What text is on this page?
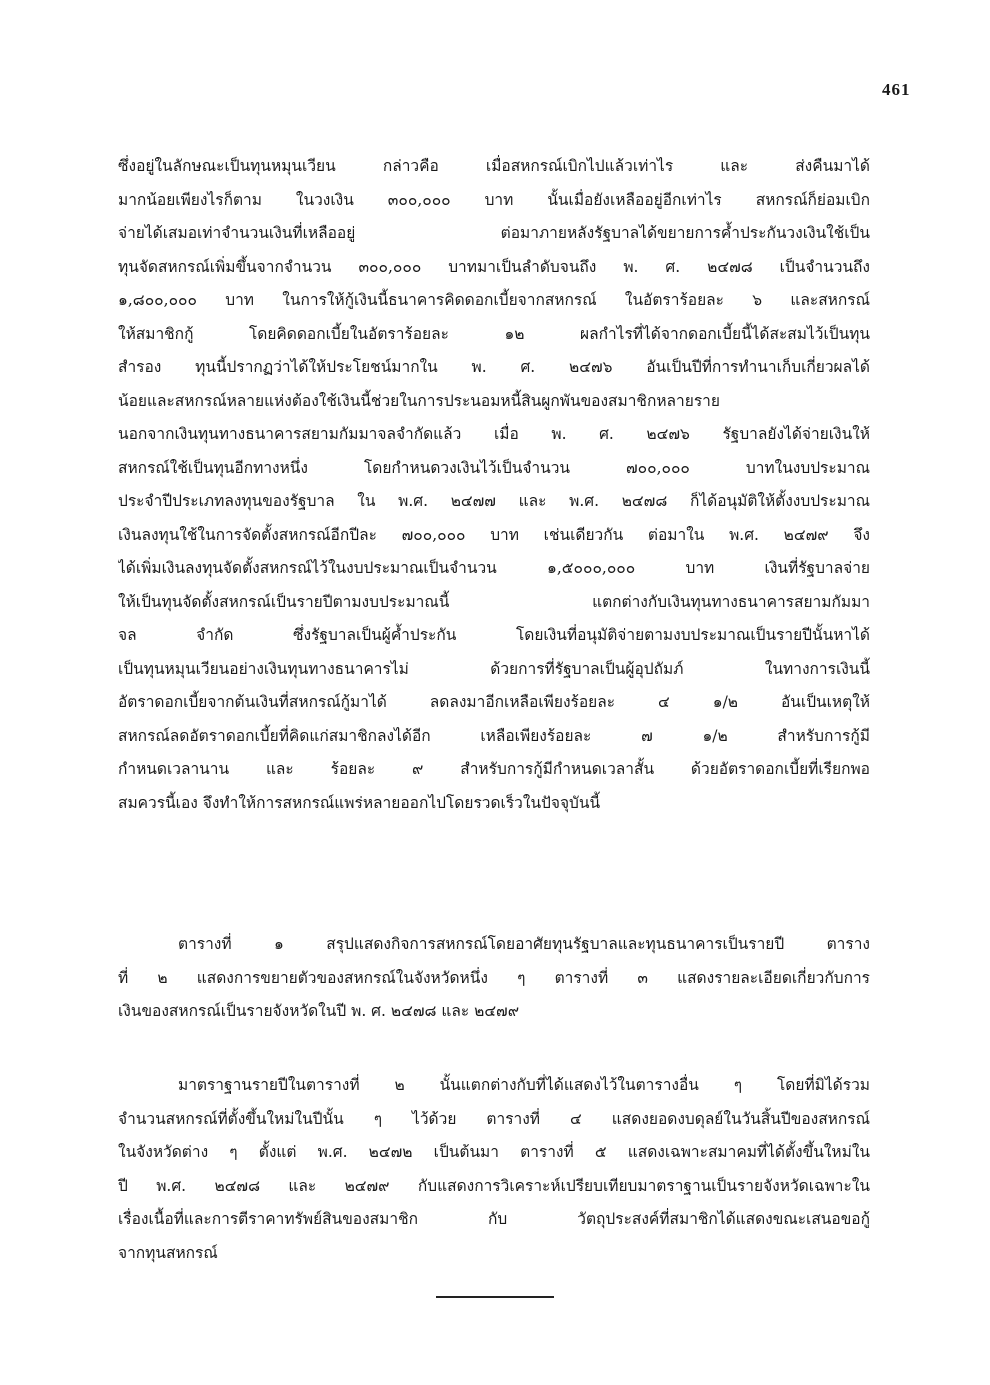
461
ซึ่งอยู่ในลักษณะเป็นทุนหมุนเวียน กล่าวคือ เมื่อสหกรณ์เบิกไปแล้วเท่าไร และ ส่งคืนมาได้
มากน้อยเพียงไรก็ตาม ในวงเงิน ๓๐๐,๐๐๐ บาท นั้นเมื่อยังเหลืออยู่อีกเท่าไร สหกรณ์ก็ย่อมเบิก
จ่ายได้เสมอเท่าจำนวนเงินที่เหลืออยู่ ต่อมาภายหลังรัฐบาลได้ขยายการค้ำประกันวงเงินใช้เป็น
ทุนจัดสหกรณ์เพิ่มขึ้นจากจำนวน ๓๐๐,๐๐๐ บาทมาเป็นลำดับจนถึง พ. ศ. ๒๔๗๘ เป็นจำนวนถึง
๑,๘๐๐,๐๐๐ บาท ในการให้กู้เงินนี้ธนาคารคิดดอกเบี้ยจากสหกรณ์ ในอัตราร้อยละ ๖ และสหกรณ์
ให้สมาชิกกู้ โดยคิดดอกเบี้ยในอัตราร้อยละ ๑๒ ผลกำไรที่ได้จากดอกเบี้ยนี้ได้สะสมไว้เป็นทุน
สำรอง ทุนนี้ปรากฏว่าได้ให้ประโยชน์มากใน พ. ศ. ๒๔๗๖ อันเป็นปีที่การทำนาเก็บเกี่ยวผลได้
น้อยและสหกรณ์หลายแห่งต้องใช้เงินนี้ช่วยในการประนอมหนี้สินผูกพันของสมาชิกหลายราย
นอกจากเงินทุนทางธนาคารสยามกัมมาจลจำกัดแล้ว เมื่อ พ. ศ. ๒๔๗๖ รัฐบาลยังได้จ่ายเงินให้
สหกรณ์ใช้เป็นทุนอีกทางหนึ่ง โดยกำหนดวงเงินไว้เป็นจำนวน ๗๐๐,๐๐๐ บาทในงบประมาณ
ประจำปีประเภทลงทุนของรัฐบาล ใน พ.ศ. ๒๔๗๗ และ พ.ศ. ๒๔๗๘ ก็ได้อนุมัติให้ตั้งงบประมาณ
เงินลงทุนใช้ในการจัดตั้งสหกรณ์อีกปีละ ๗๐๐,๐๐๐ บาท เช่นเดียวกัน ต่อมาใน พ.ศ. ๒๔๗๙ จึง
ได้เพิ่มเงินลงทุนจัดตั้งสหกรณ์ไว้ในงบประมาณเป็นจำนวน ๑,๕๐๐๐,๐๐๐ บาท เงินที่รัฐบาลจ่าย
ให้เป็นทุนจัดตั้งสหกรณ์เป็นรายปีตามงบประมาณนี้ แตกต่างกับเงินทุนทางธนาคารสยามกัมมา
จล จำกัด ซึ่งรัฐบาลเป็นผู้ค้ำประกัน โดยเงินที่อนุมัติจ่ายตามงบประมาณเป็นรายปีนั้นหาได้
เป็นทุนหมุนเวียนอย่างเงินทุนทางธนาคารไม่ ด้วยการที่รัฐบาลเป็นผู้อุปถัมภ์ ในทางการเงินนี้
อัตราดอกเบี้ยจากต้นเงินที่สหกรณ์กู้มาได้ ลดลงมาอีกเหลือเพียงร้อยละ ๔ ๑/๒ อันเป็นเหตุให้
สหกรณ์ลดอัตราดอกเบี้ยที่คิดแก่สมาชิกลงได้อีก เหลือเพียงร้อยละ ๗ ๑/๒ สำหรับการกู้มี
กำหนดเวลานาน และ ร้อยละ ๙ สำหรับการกู้มีกำหนดเวลาสั้น ด้วยอัตราดอกเบี้ยที่เรียกพอ
สมควรนี้เอง จึงทำให้การสหกรณ์แพร่หลายออกไปโดยรวดเร็วในปัจจุบันนี้
ตารางที่ ๑ สรุปแสดงกิจการสหกรณ์โดยอาศัยทุนรัฐบาลและทุนธนาคารเป็นรายปี ตาราง
ที่ ๒ แสดงการขยายตัวของสหกรณ์ในจังหวัดหนึ่ง ๆ ตารางที่ ๓ แสดงรายละเอียดเกี่ยวกับการ
เงินของสหกรณ์เป็นรายจังหวัดในปี พ. ศ. ๒๔๗๘ และ ๒๔๗๙
มาตราฐานรายปีในตารางที่ ๒ นั้นแตกต่างกับที่ได้แสดงไว้ในตารางอื่น ๆ โดยที่มิได้รวม
จำนวนสหกรณ์ที่ตั้งขึ้นใหม่ในปีนั้น ๆ ไว้ด้วย ตารางที่ ๔ แสดงยอดงบดุลย์ในวันสิ้นปีของสหกรณ์
ในจังหวัดต่าง ๆ ตั้งแต่ พ.ศ. ๒๔๗๒ เป็นต้นมา ตารางที่ ๕ แสดงเฉพาะสมาคมที่ได้ตั้งขึ้นใหม่ใน
ปี พ.ศ. ๒๔๗๘ และ ๒๔๗๙ กับแสดงการวิเคราะห์เปรียบเทียบมาตราฐานเป็นรายจังหวัดเฉพาะใน
เรื่องเนื้อที่และการตีราคาทรัพย์สินของสมาชิก กับ วัตถุประสงค์ที่สมาชิกได้แสดงขณะเสนอขอกู้
จากทุนสหกรณ์
